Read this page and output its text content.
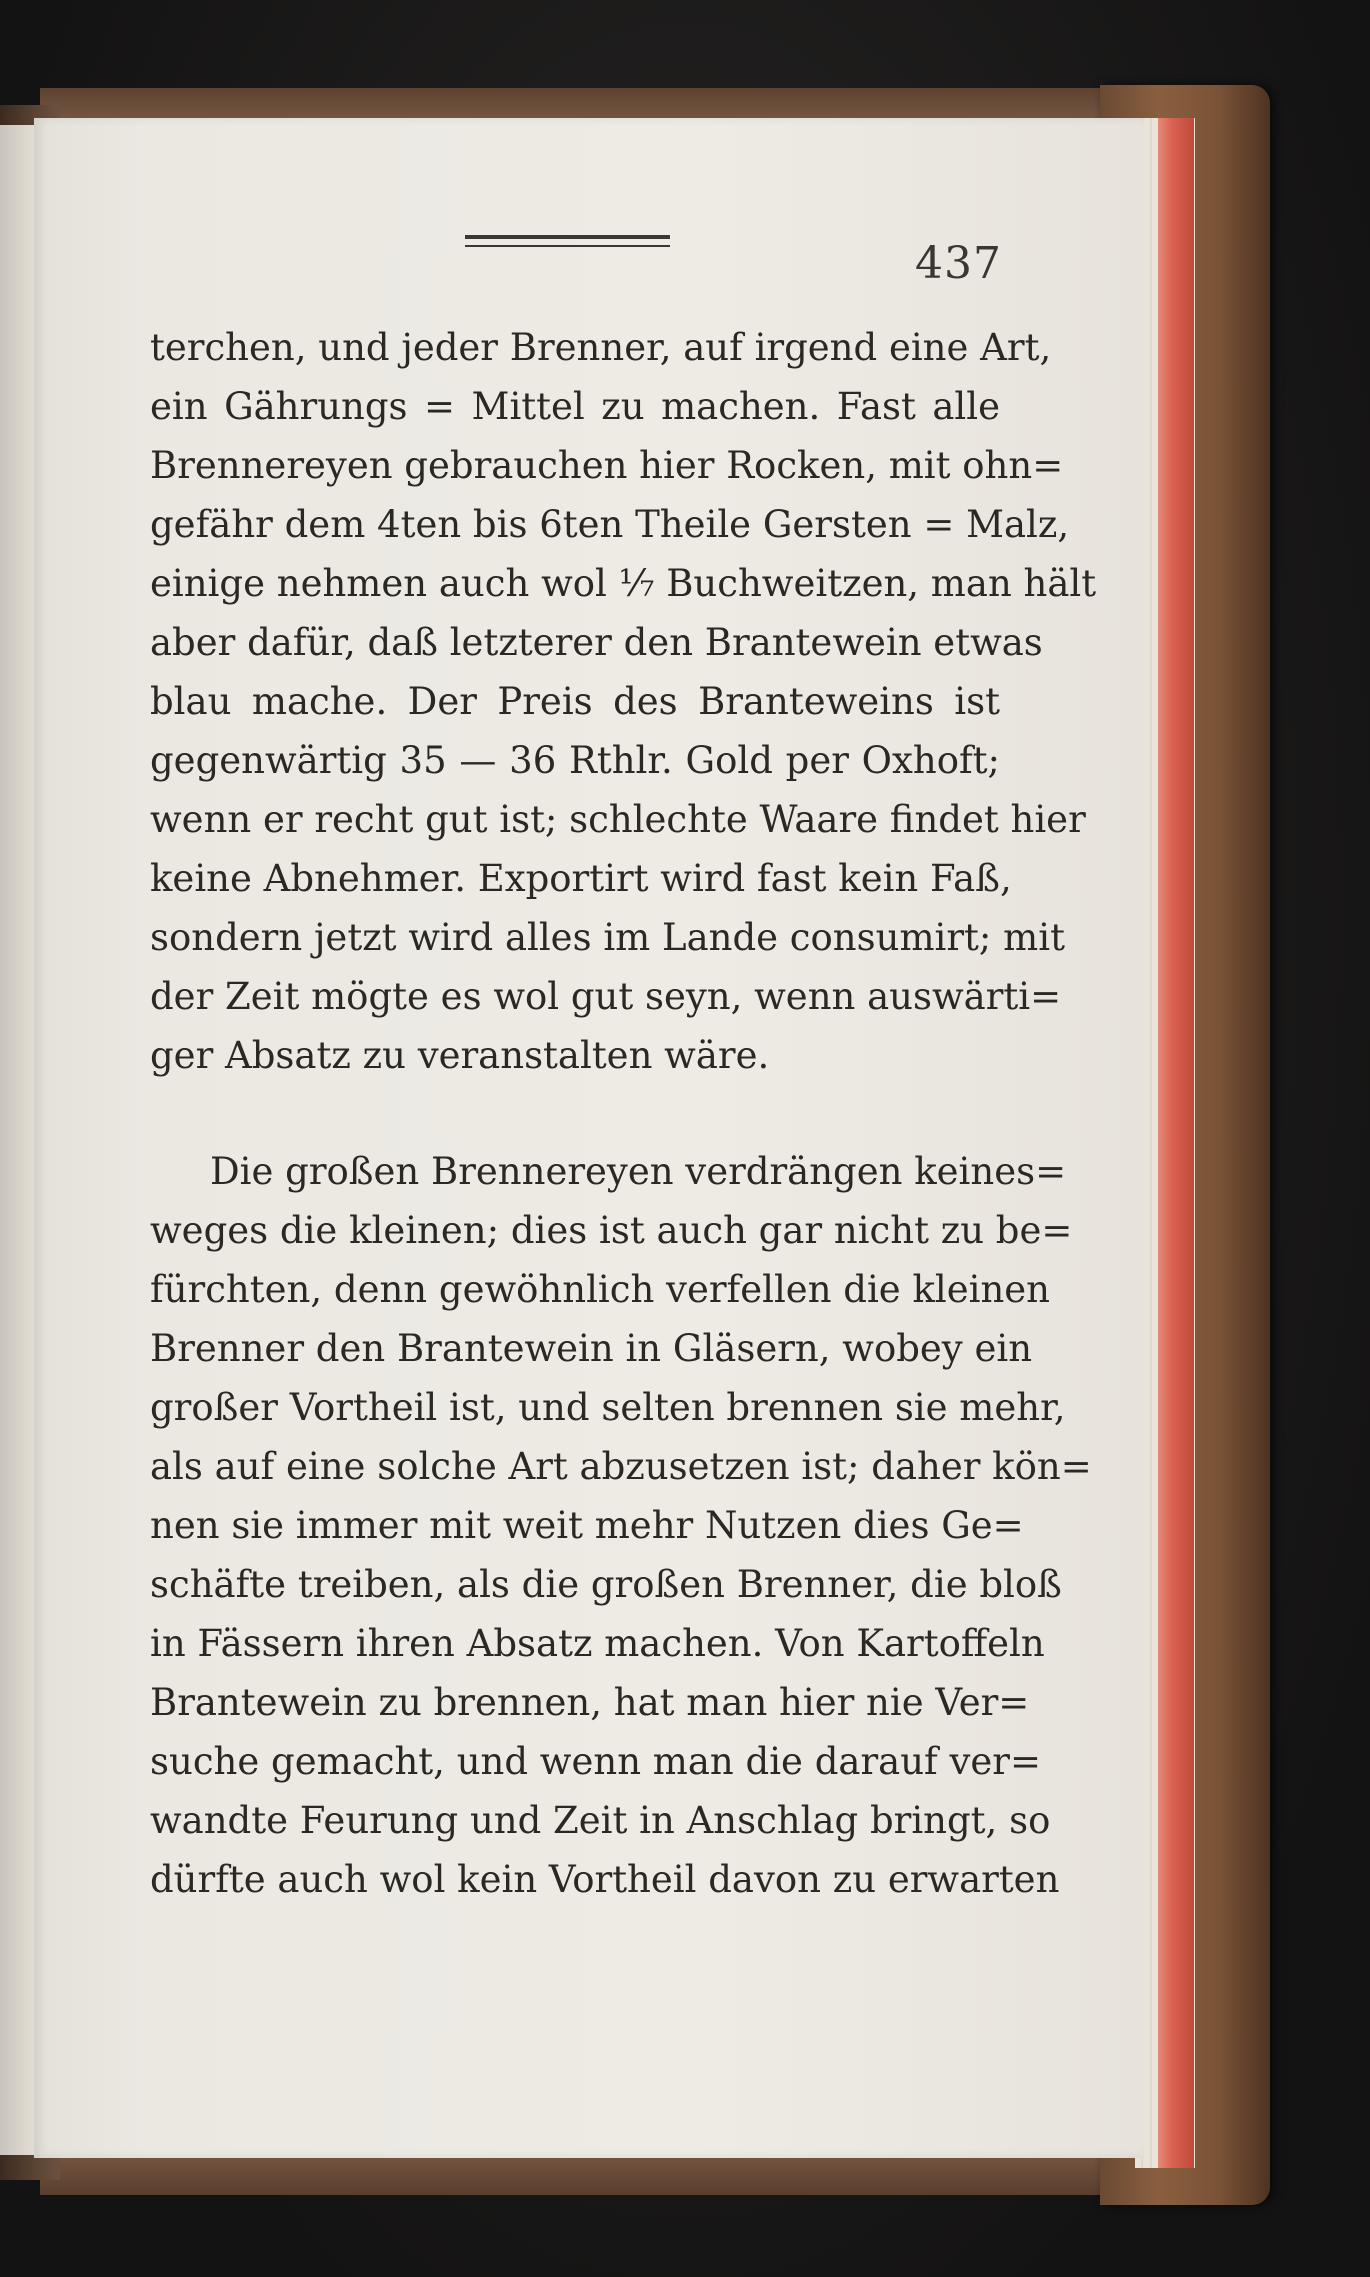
437
terchen, und jeder Brenner, auf irgend eine Art,
ein Gährungs = Mittel zu machen. Fast alle
Brennereyen gebrauchen hier Rocken, mit ohn=
gefähr dem 4ten bis 6ten Theile Gersten = Malz,
einige nehmen auch wol ⅐ Buchweitzen, man hält
aber dafür, daß letzterer den Brantewein etwas
blau mache. Der Preis des Branteweins ist
gegenwärtig 35 — 36 Rthlr. Gold per Oxhoft;
wenn er recht gut ist; schlechte Waare findet hier
keine Abnehmer. Exportirt wird fast kein Faß,
sondern jetzt wird alles im Lande consumirt; mit
der Zeit mögte es wol gut seyn, wenn auswärti=
ger Absatz zu veranstalten wäre.
Die großen Brennereyen verdrängen keines=
weges die kleinen; dies ist auch gar nicht zu be=
fürchten, denn gewöhnlich verfellen die kleinen
Brenner den Brantewein in Gläsern, wobey ein
großer Vortheil ist, und selten brennen sie mehr,
als auf eine solche Art abzusetzen ist; daher kön=
nen sie immer mit weit mehr Nutzen dies Ge=
schäfte treiben, als die großen Brenner, die bloß
in Fässern ihren Absatz machen. Von Kartoffeln
Brantewein zu brennen, hat man hier nie Ver=
suche gemacht, und wenn man die darauf ver=
wandte Feurung und Zeit in Anschlag bringt, so
dürfte auch wol kein Vortheil davon zu erwarten
